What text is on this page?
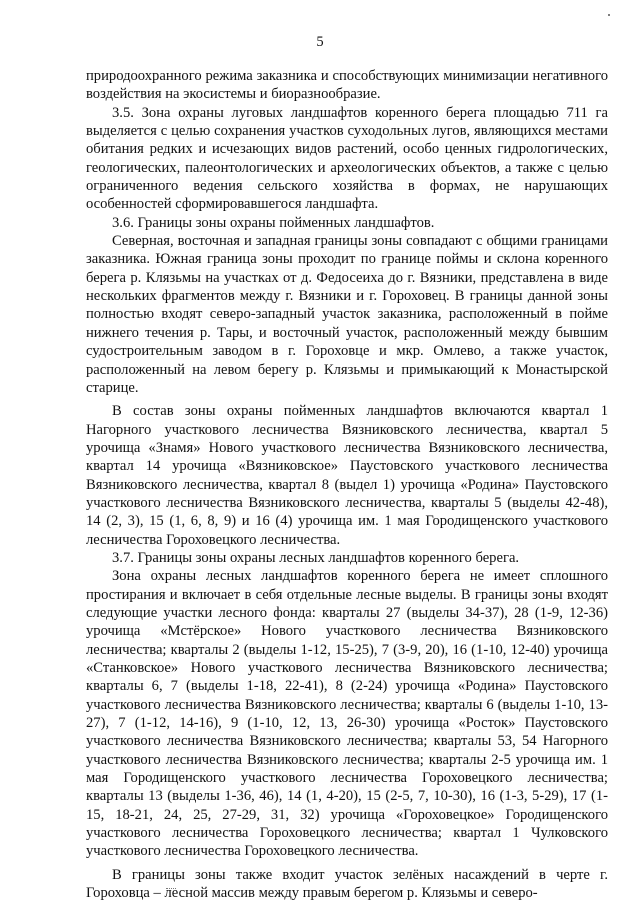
5

природоохранного режима заказника и способствующих минимизации негативного воздействия на экосистемы и биоразнообразие.

3.5. Зона охраны луговых ландшафтов коренного берега площадью 711 га выделяется с целью сохранения участков суходольных лугов, являющихся местами обитания редких и исчезающих видов растений, особо ценных гидрологических, геологических, палеонтологических и археологических объектов, а также с целью ограниченного ведения сельского хозяйства в формах, не нарушающих особенностей сформировавшегося ландшафта.

3.6. Границы зоны охраны пойменных ландшафтов.

Северная, восточная и западная границы зоны совпадают с общими границами заказника. Южная граница зоны проходит по границе поймы и склона коренного берега р. Клязьмы на участках от д. Федосеиха до г. Вязники, представлена в виде нескольких фрагментов между г. Вязники и г. Гороховец. В границы данной зоны полностью входят северо-западный участок заказника, расположенный в пойме нижнего течения р. Тары, и восточный участок, расположенный между бывшим судостроительным заводом в г. Гороховце и мкр. Омлево, а также участок, расположенный на левом берегу р. Клязьмы и примыкающий к Монастырской старице.

В состав зоны охраны пойменных ландшафтов включаются квартал 1 Нагорного участкового лесничества Вязниковского лесничества, квартал 5 урочища «Знамя» Нового участкового лесничества Вязниковского лесничества, квартал 14 урочища «Вязниковское» Паустовского участкового лесничества Вязниковского лесничества, квартал 8 (выдел 1) урочища «Родина» Паустовского участкового лесничества Вязниковского лесничества, кварталы 5 (выделы 42-48), 14 (2, 3), 15 (1, 6, 8, 9) и 16 (4) урочища им. 1 мая Городищенского участкового лесничества Гороховецкого лесничества.

3.7. Границы зоны охраны лесных ландшафтов коренного берега.

Зона охраны лесных ландшафтов коренного берега не имеет сплошного простирания и включает в себя отдельные лесные выделы. В границы зоны входят следующие участки лесного фонда: кварталы 27 (выделы 34-37), 28 (1-9, 12-36) урочища «Мстёрское» Нового участкового лесничества Вязниковского лесничества; кварталы 2 (выделы 1-12, 15-25), 7 (3-9, 20), 16 (1-10, 12-40) урочища «Станковское» Нового участкового лесничества Вязниковского лесничества; кварталы 6, 7 (выделы 1-18, 22-41), 8 (2-24) урочища «Родина» Паустовского участкового лесничества Вязниковского лесничества; кварталы 6 (выделы 1-10, 13-27), 7 (1-12, 14-16), 9 (1-10, 12, 13, 26-30) урочища «Росток» Паустовского участкового лесничества Вязниковского лесничества; кварталы 53, 54 Нагорного участкового лесничества Вязниковского лесничества; кварталы 2-5 урочища им. 1 мая Городищенского участкового лесничества Гороховецкого лесничества; кварталы 13 (выделы 1-36, 46), 14 (1, 4-20), 15 (2-5, 7, 10-30), 16 (1-3, 5-29), 17 (1-15, 18-21, 24, 25, 27-29, 31, 32) урочища «Гороховецкое» Городищенского участкового лесничества Гороховецкого лесничества; квартал 1 Чулковского участкового лесничества Гороховецкого лесничества.

В границы зоны также входит участок зелёных насаждений в черте г. Гороховца – лесной массив между правым берегом р. Клязьмы и северо-
